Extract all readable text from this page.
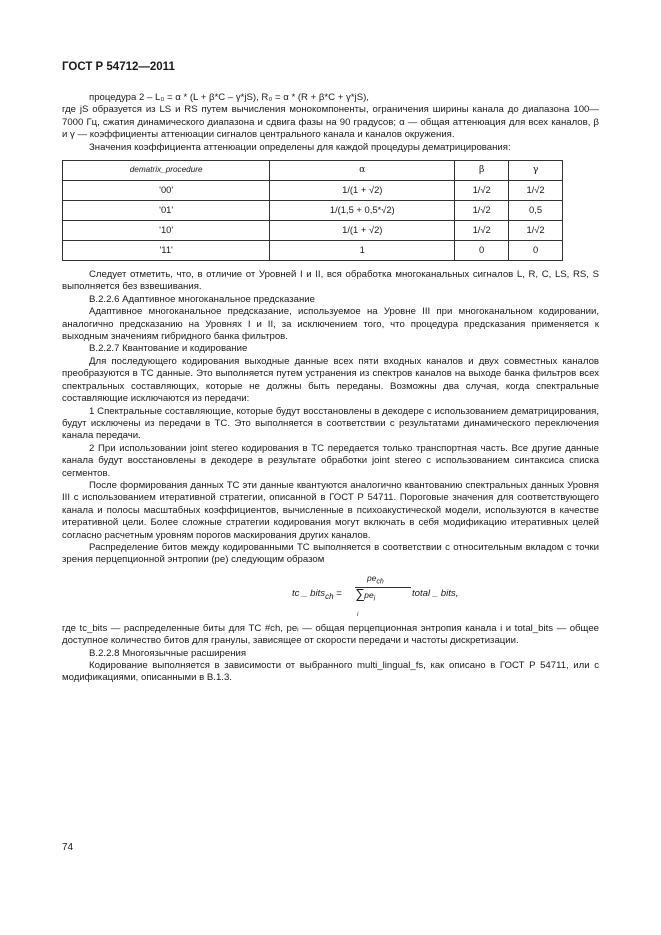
ГОСТ Р 54712—2011

процедура 2 – L₀ = α * (L + β*C – γ*jS), R₀ = α * (R + β*C + γ*jS),

где jS образуется из LS и RS путем вычисления монокомпоненты, ограничения ширины канала до диапазона 100—7000 Гц, сжатия динамического диапазона и сдвига фазы на 90 градусов; α — общая аттенюация для всех каналов, β и γ — коэффициенты аттенюации сигналов центрального канала и каналов окружения.

Значения коэффициента аттенюации определены для каждой процедуры дематрицирования:

dematrix_procedure	α	β	γ
'00'	1/(1 + √2)	1/√2	1/√2
'01'	1/(1,5 + 0,5*√2)	1/√2	0,5
'10'	1/(1 + √2)	1/√2	1/√2
'11'	1	0	0

Следует отметить, что, в отличие от Уровней I и II, вся обработка многоканальных сигналов L, R, C, LS, RS, S выполняется без взвешивания.

В.2.2.6 Адаптивное многоканальное предсказание

Адаптивное многоканальное предсказание, используемое на Уровне III при многоканальном кодировании, аналогично предсказанию на Уровнях I и II, за исключением того, что процедура предсказания применяется к выходным значениям гибридного банка фильтров.

В.2.2.7 Квантование и кодирование

Для последующего кодирования выходные данные всех пяти входных каналов и двух совместных каналов преобразуются в TC данные. Это выполняется путем устранения из спектров каналов на выходе банка фильтров всех спектральных составляющих, которые не должны быть переданы. Возможны два случая, когда спектральные составляющие исключаются из передачи:

1 Спектральные составляющие, которые будут восстановлены в декодере с использованием дематрицирования, будут исключены из передачи в TC. Это выполняется в соответствии с результатами динамического переключения канала передачи.

2 При использовании joint stereo кодирования в TC передается только транспортная часть. Все другие данные канала будут восстановлены в декодере в результате обработки joint stereo с использованием синтаксиса списка сегментов.

После формирования данных TC эти данные квантуются аналогично квантованию спектральных данных Уровня III с использованием итеративной стратегии, описанной в ГОСТ Р 54711. Пороговые значения для соответствующего канала и полосы масштабных коэффициентов, вычисленные в психоакустической модели, используются в качестве итеративной цели. Более сложные стратегии кодирования могут включать в себя модификацию итеративных целей согласно расчетным уровням порогов маскирования других каналов.

Распределение битов между кодированными TC выполняется в соответствии с относительным вкладом с точки зрения перцепционной энтропии (pe) следующим образом

tc _ bits$_{ch}$ =
$pe_{ch}$
$\sum pe_i$
i
total _ bits,

где tc_bits — распределенные биты для TC #ch, peᵢ — общая перцепционная энтропия канала i и total_bits — общее доступное количество битов для гранулы, зависящее от скорости передачи и частоты дискретизации.

В.2.2.8 Многоязычные расширения

Кодирование выполняется в зависимости от выбранного multi_lingual_fs, как описано в ГОСТ Р 54711, или с модификациями, описанными в В.1.3.

74
